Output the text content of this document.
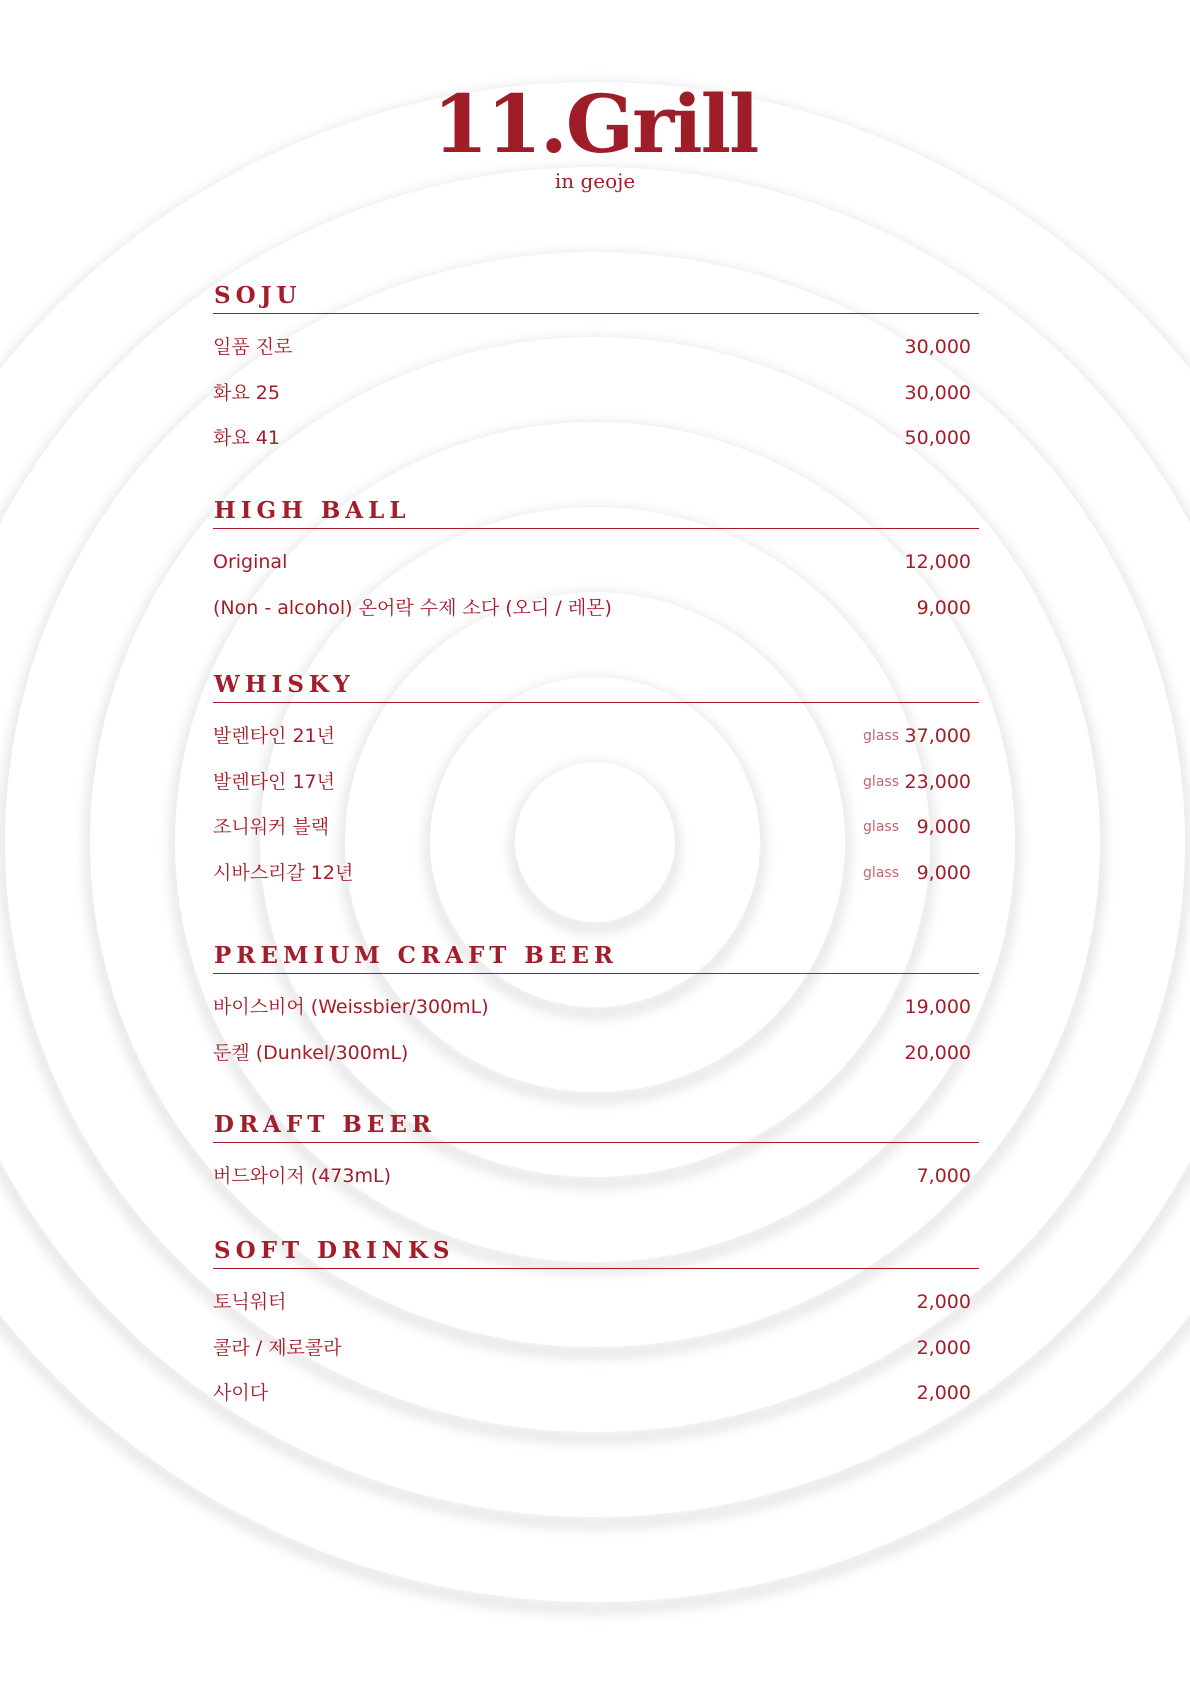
11.Grill
in geoje
SOJU
일품 진로	30,000
화요 25	30,000
화요 41	50,000
HIGH BALL
Original	12,000
(Non - alcohol) 온어락 수제 소다 (오디 / 레몬)	9,000
WHISKY
발렌타인 21년	glass 37,000
발렌타인 17년	glass 23,000
조니워커 블랙	glass 9,000
시바스리갈 12년	glass 9,000
PREMIUM CRAFT BEER
바이스비어 (Weissbier/300mL)	19,000
둔켈 (Dunkel/300mL)	20,000
DRAFT BEER
버드와이저 (473mL)	7,000
SOFT DRINKS
토닉워터	2,000
콜라 / 제로콜라	2,000
사이다	2,000
